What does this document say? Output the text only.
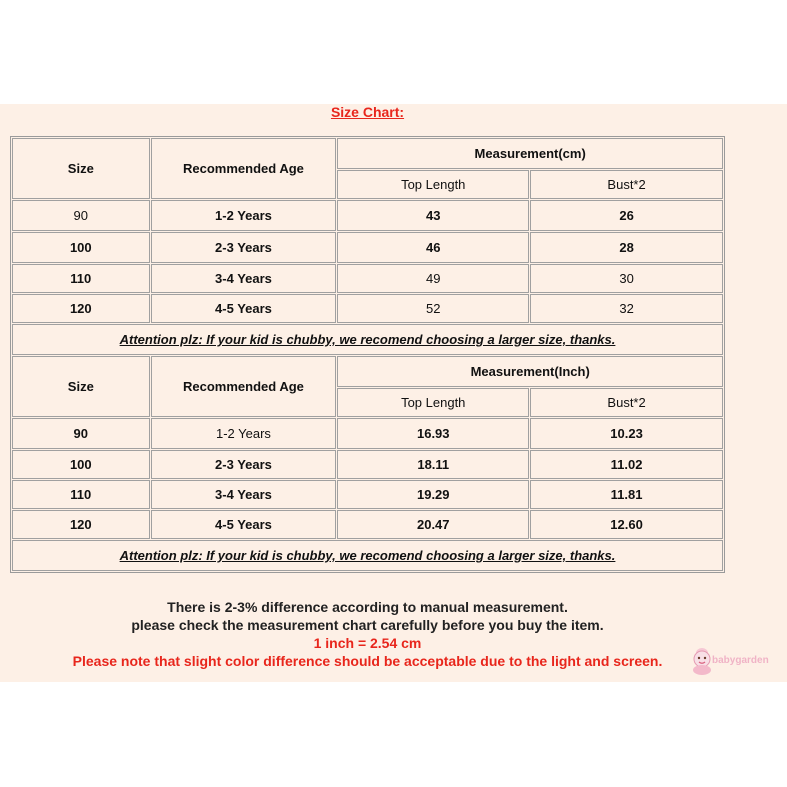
Size Chart:
Size	Recommended Age	Measurement(cm)	
		Top Length	Bust*2
90	1-2 Years	43	26
100	2-3 Years	46	28
110	3-4 Years	49	30
120	4-5 Years	52	32
Attention plz: If your kid is chubby, we recomend choosing a larger size, thanks.			
Size	Recommended Age	Measurement(Inch)	
		Top Length	Bust*2
90	1-2 Years	16.93	10.23
100	2-3 Years	18.11	11.02
110	3-4 Years	19.29	11.81
120	4-5 Years	20.47	12.60
Attention plz: If your kid is chubby, we recomend choosing a larger size, thanks.			
There is 2-3% difference according to manual measurement.
please check the measurement chart carefully before you buy the item.
1 inch = 2.54 cm
Please note that slight color difference should be acceptable due to the light and screen.	babygarden
